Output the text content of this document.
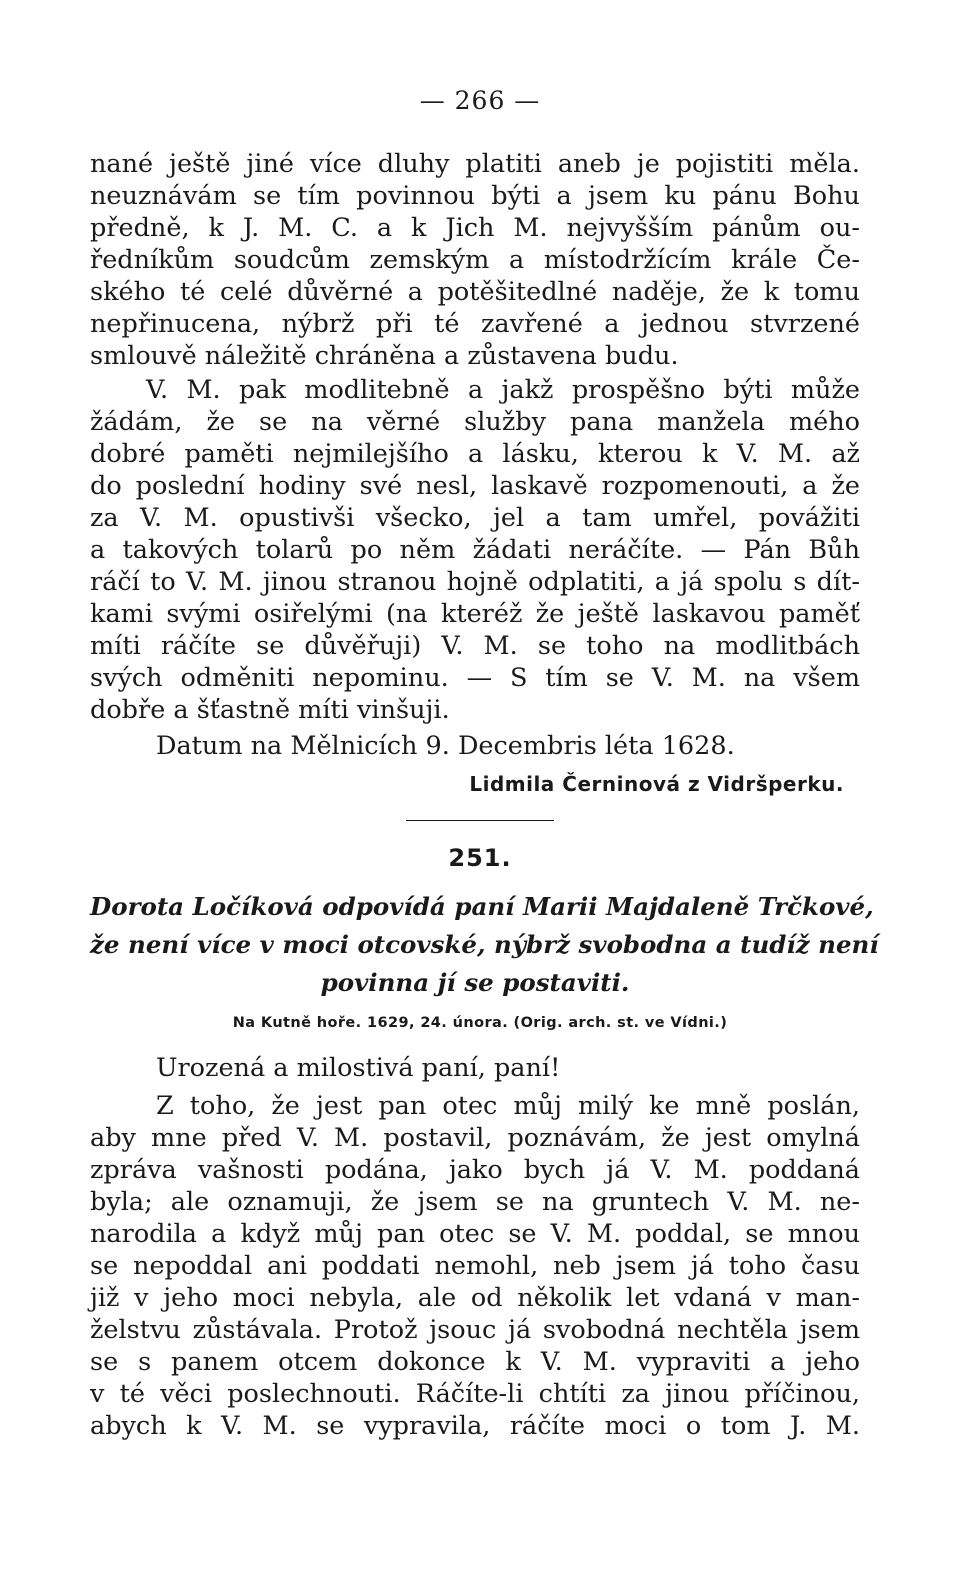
— 266 —
nané ještě jiné více dluhy platiti aneb je pojistiti měla.
neuznávám se tím povinnou býti a jsem ku pánu Bohu
předně, k J. M. C. a k Jich M. nejvyšším pánům ou-
ředníkům soudcům zemským a místodržícím krále Če-
ského té celé důvěrné a potěšitedlné naděje, že k tomu
nepřinucena, nýbrž při té zavřené a jednou stvrzené
smlouvě náležitě chráněna a zůstavena budu.
V. M. pak modlitebně a jakž prospěšno býti může
žádám, že se na věrné služby pana manžela mého
dobré paměti nejmilejšího a lásku, kterou k V. M. až
do poslední hodiny své nesl, laskavě rozpomenouti, a že
za V. M. opustivši všecko, jel a tam umřel, povážiti
a takových tolarů po něm žádati neráčíte. — Pán Bůh
ráčí to V. M. jinou stranou hojně odplatiti, a já spolu s dít-
kami svými osiřelými (na kteréž že ještě laskavou paměť
míti ráčíte se důvěřuji) V. M. se toho na modlitbách
svých odměniti nepominu. — S tím se V. M. na všem
dobře a šťastně míti vinšuji.
Datum na Mělnicích 9. Decembris léta 1628.
Lidmila Černinová z Vidršperku.
251.
Dorota Ločíková odpovídá paní Marii Majdaleně Trčkové,
že není více v moci otcovské, nýbrž svobodna a tudíž není
povinna jí se postaviti.
Na Kutně hoře. 1629, 24. února. (Orig. arch. st. ve Vídni.)
Urozená a milostivá paní, paní!
Z toho, že jest pan otec můj milý ke mně poslán,
aby mne před V. M. postavil, poznávám, že jest omylná
zpráva vašnosti podána, jako bych já V. M. poddaná
byla; ale oznamuji, že jsem se na gruntech V. M. ne-
narodila a když můj pan otec se V. M. poddal, se mnou
se nepoddal ani poddati nemohl, neb jsem já toho času
již v jeho moci nebyla, ale od několik let vdaná v man-
želstvu zůstávala. Protož jsouc já svobodná nechtěla jsem
se s panem otcem dokonce k V. M. vypraviti a jeho
v té věci poslechnouti. Ráčíte-li chtíti za jinou příčinou,
abych k V. M. se vypravila, ráčíte moci o tom J. M.
